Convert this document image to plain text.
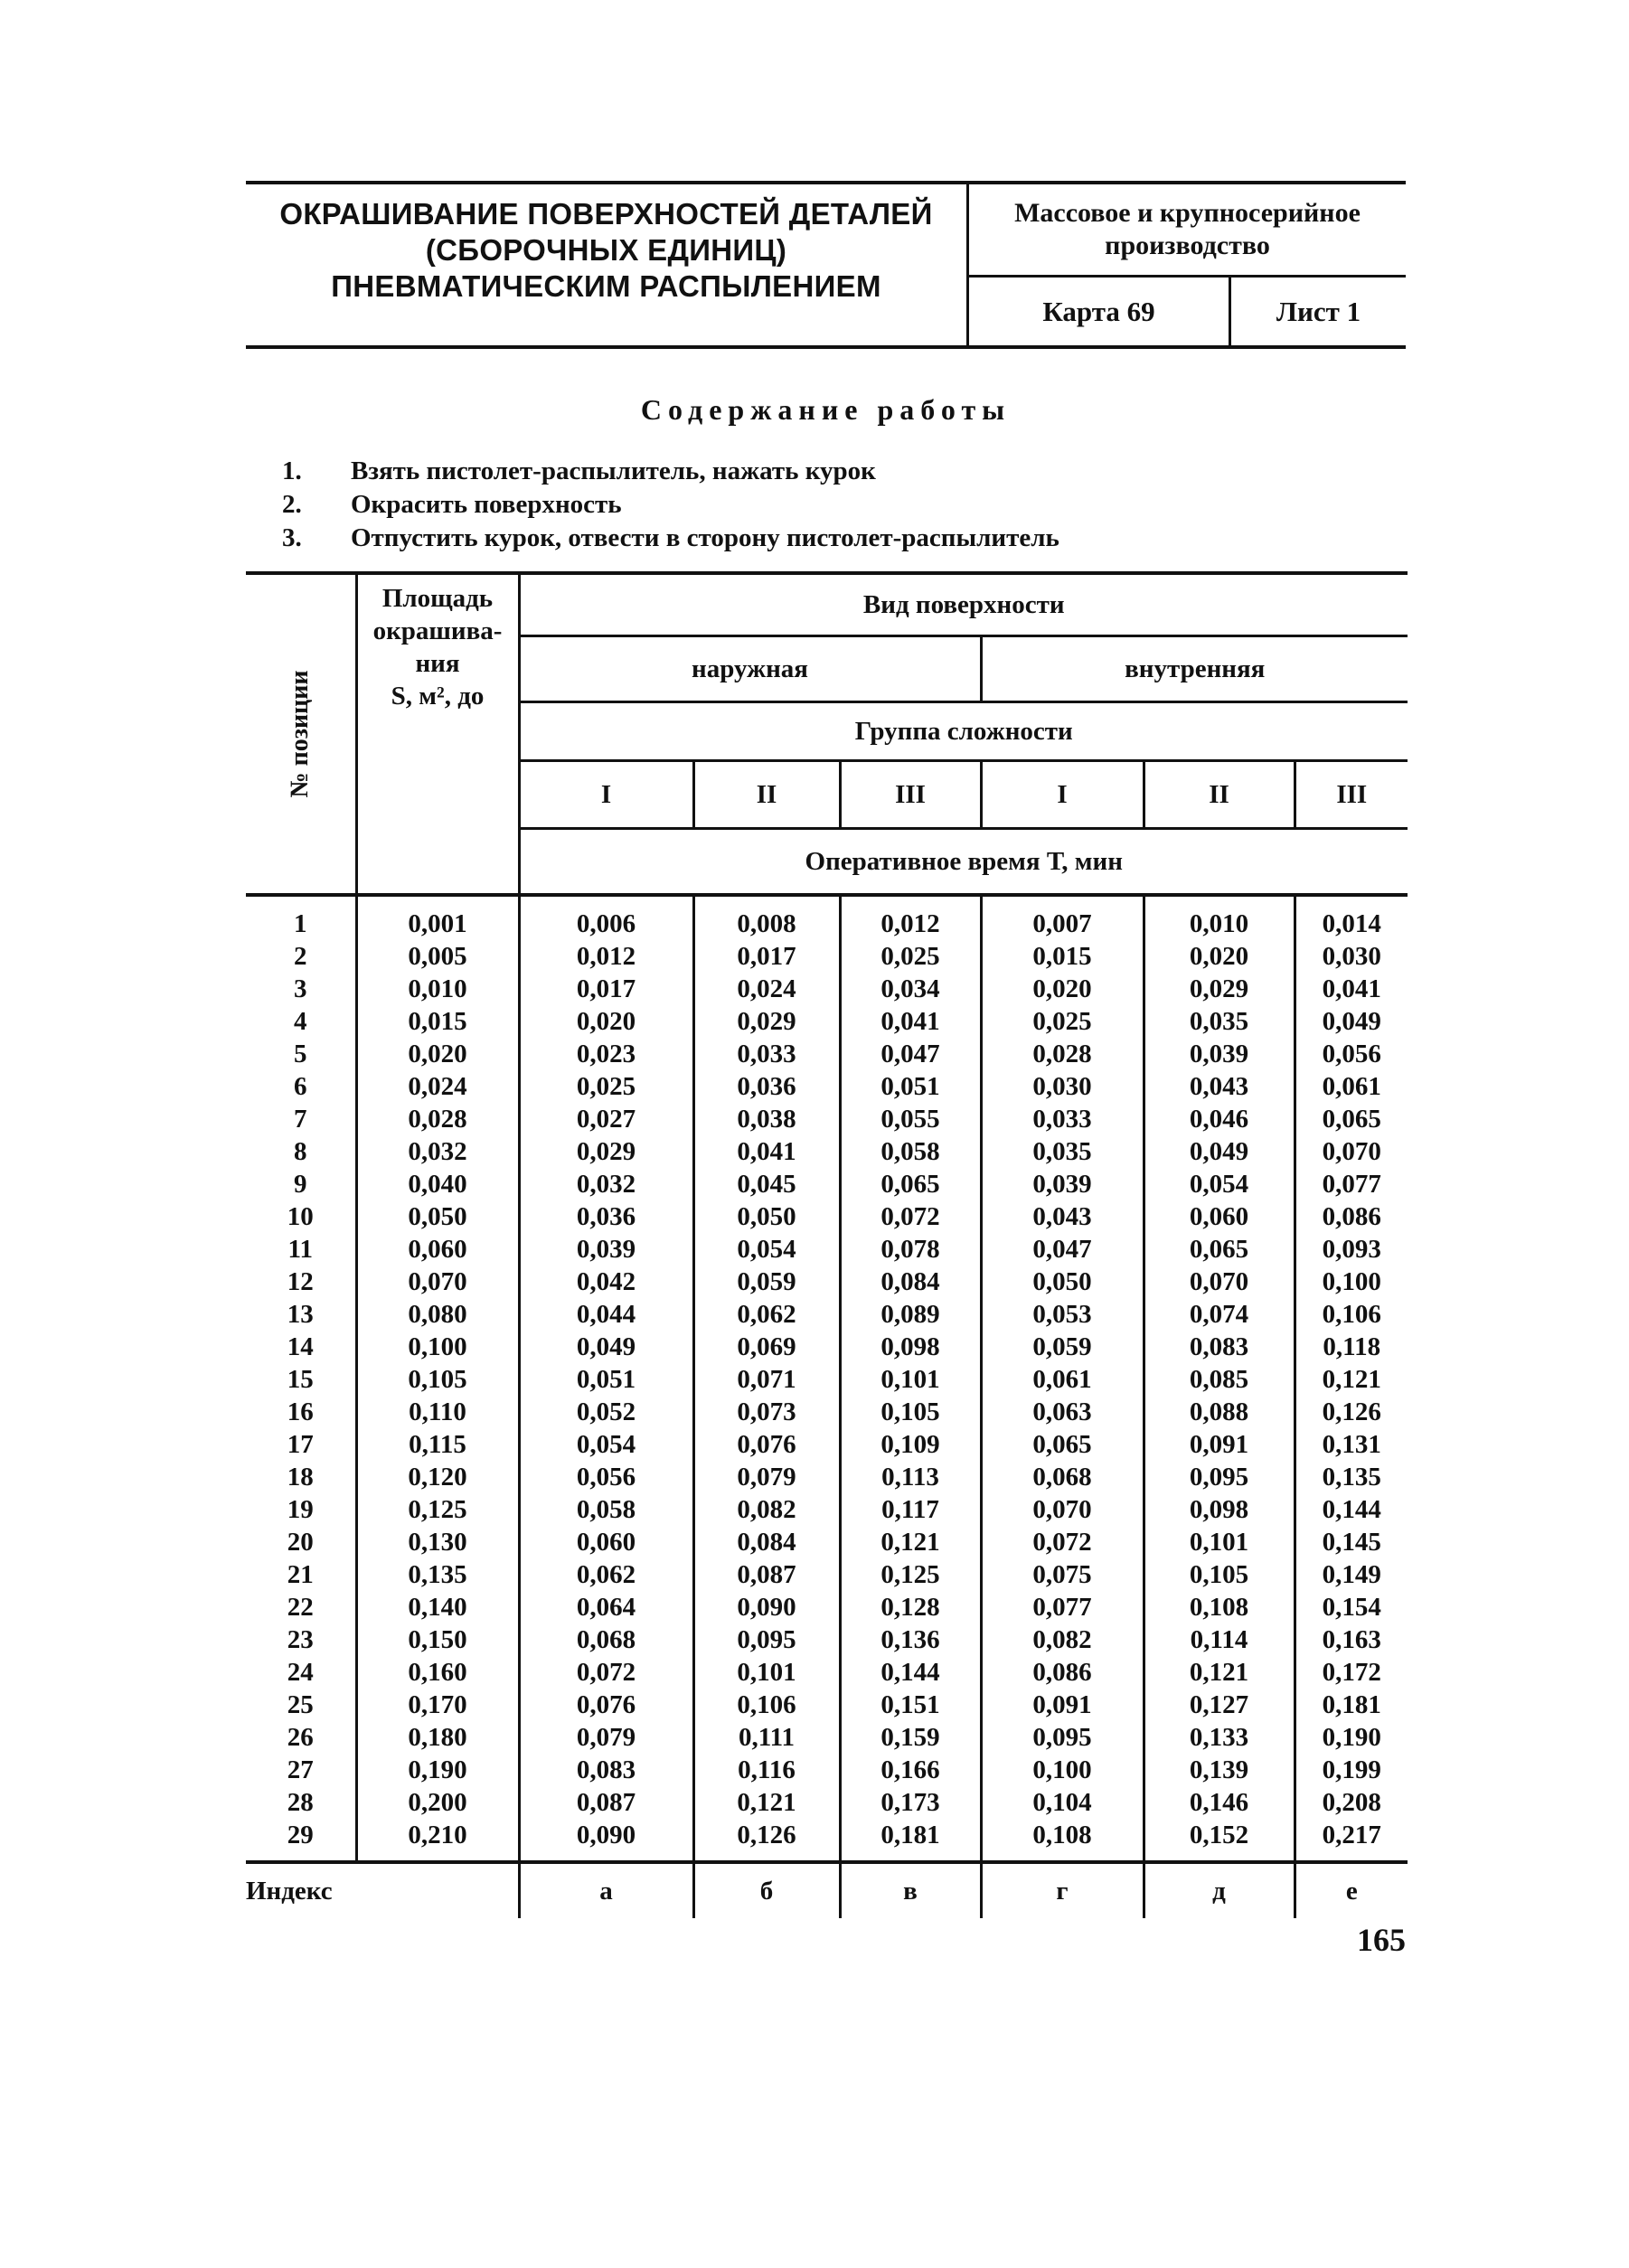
ОКРАШИВАНИЕ ПОВЕРХНОСТЕЙ ДЕТАЛЕЙ
(СБОРОЧНЫХ ЕДИНИЦ)
ПНЕВМАТИЧЕСКИМ РАСПЫЛЕНИЕМ
Массовое и крупносерийное
производство
Карта 69	Лист 1
Содержание работы
1.	Взять пистолет-распылитель, нажать курок
2.	Окрасить поверхность
3.	Отпустить курок, отвести в сторону пистолет-распылитель
№ позиции	Площадь
окрашива-
ния
S, м², до	Вид поверхности					
		наружная			внутренняя		
		Группа сложности					
		I	II	III	I	II	III
		Оперативное время Т, мин					
1	0,001	0,006	0,008	0,012	0,007	0,010	0,014
2	0,005	0,012	0,017	0,025	0,015	0,020	0,030
3	0,010	0,017	0,024	0,034	0,020	0,029	0,041
4	0,015	0,020	0,029	0,041	0,025	0,035	0,049
5	0,020	0,023	0,033	0,047	0,028	0,039	0,056
6	0,024	0,025	0,036	0,051	0,030	0,043	0,061
7	0,028	0,027	0,038	0,055	0,033	0,046	0,065
8	0,032	0,029	0,041	0,058	0,035	0,049	0,070
9	0,040	0,032	0,045	0,065	0,039	0,054	0,077
10	0,050	0,036	0,050	0,072	0,043	0,060	0,086
11	0,060	0,039	0,054	0,078	0,047	0,065	0,093
12	0,070	0,042	0,059	0,084	0,050	0,070	0,100
13	0,080	0,044	0,062	0,089	0,053	0,074	0,106
14	0,100	0,049	0,069	0,098	0,059	0,083	0,118
15	0,105	0,051	0,071	0,101	0,061	0,085	0,121
16	0,110	0,052	0,073	0,105	0,063	0,088	0,126
17	0,115	0,054	0,076	0,109	0,065	0,091	0,131
18	0,120	0,056	0,079	0,113	0,068	0,095	0,135
19	0,125	0,058	0,082	0,117	0,070	0,098	0,144
20	0,130	0,060	0,084	0,121	0,072	0,101	0,145
21	0,135	0,062	0,087	0,125	0,075	0,105	0,149
22	0,140	0,064	0,090	0,128	0,077	0,108	0,154
23	0,150	0,068	0,095	0,136	0,082	0,114	0,163
24	0,160	0,072	0,101	0,144	0,086	0,121	0,172
25	0,170	0,076	0,106	0,151	0,091	0,127	0,181
26	0,180	0,079	0,111	0,159	0,095	0,133	0,190
27	0,190	0,083	0,116	0,166	0,100	0,139	0,199
28	0,200	0,087	0,121	0,173	0,104	0,146	0,208
29	0,210	0,090	0,126	0,181	0,108	0,152	0,217
Индекс		а	б	в	г	д	е
165
